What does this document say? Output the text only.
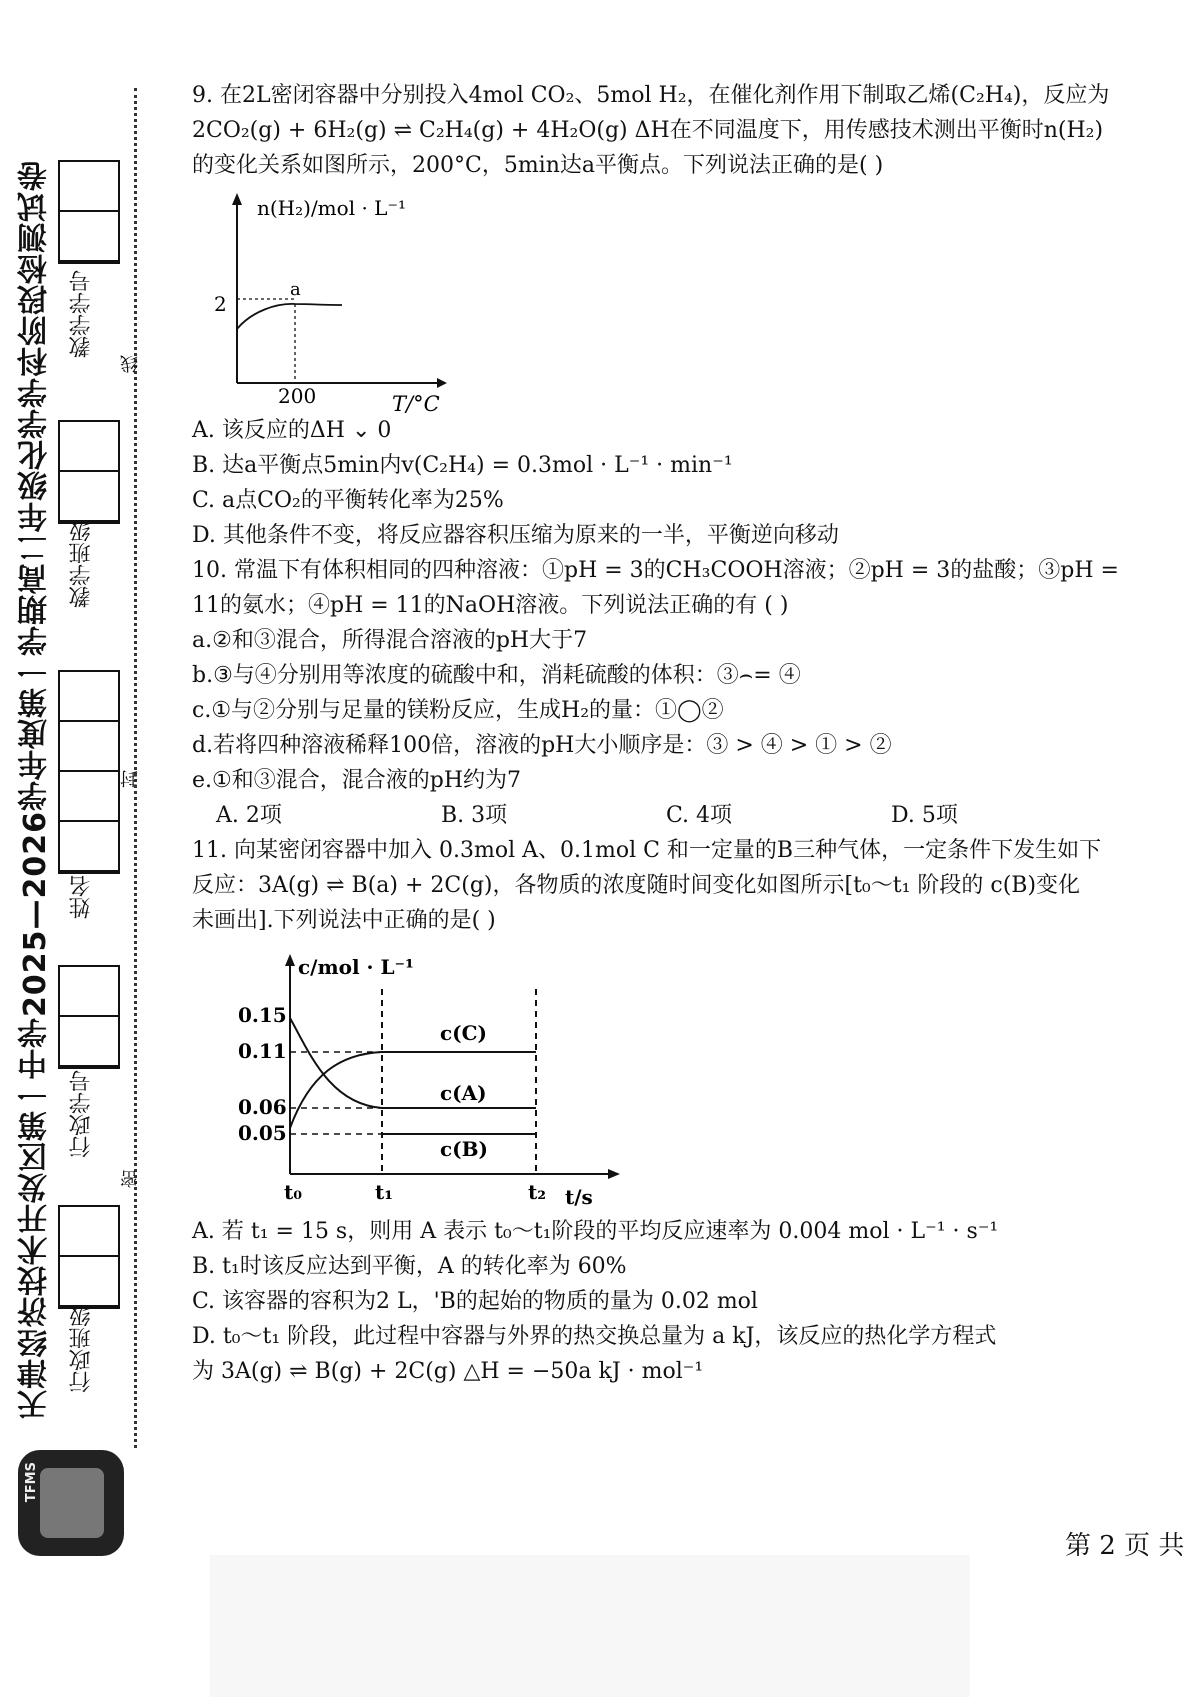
天津经济技术开发区第一中学2025—2026学年度第一学期高二年级化学学科阶段检测试卷 教学学号
教学班级
姓名
行政学号
行政班级
线
封
密
TFMS

9. 在2L密闭容器中分别投入4mol CO₂、5mol H₂，在催化剂作用下制取乙烯(C₂H₄)，反应为

2CO₂(g) + 6H₂(g) ⇌ C₂H₄(g) + 4H₂O(g) ΔH在不同温度下，用传感技术测出平衡时n(H₂)

的变化关系如图所示，200°C，5min达a平衡点。下列说法正确的是( )

n(H₂)/mol · L⁻¹
T/°C
2
200
a

A. 该反应的ΔH ⌄ 0

B. 达a平衡点5min内v(C₂H₄) = 0.3mol · L⁻¹ · min⁻¹

C. a点CO₂的平衡转化率为25%

D. 其他条件不变，将反应器容积压缩为原来的一半，平衡逆向移动

10. 常温下有体积相同的四种溶液：①pH = 3的CH₃COOH溶液；②pH = 3的盐酸；③pH =

11的氨水；④pH = 11的NaOH溶液。下列说法正确的有 ( )

a.②和③混合，所得混合溶液的pH大于7

b.③与④分别用等浓度的硫酸中和，消耗硫酸的体积：③⌢= ④

c.①与②分别与足量的镁粉反应，生成H₂的量：①◯②

d.若将四种溶液稀释100倍，溶液的pH大小顺序是：③ > ④ > ① > ②

e.①和③混合，混合液的pH约为7

A. 2项	B. 3项	C. 4项	D. 5项

11. 向某密闭容器中加入 0.3mol A、0.1mol C 和一定量的B三种气体，一定条件下发生如下

反应：3A(g) ⇌ B(a) + 2C(g)，各物质的浓度随时间变化如图所示[t₀～t₁ 阶段的 c(B)变化

未画出].下列说法中正确的是( )

c/mol · L⁻¹
t/s
0.15
0.11
0.06
0.05
t₀	t₁	t₂
c(C)
c(A)
c(B)

A. 若 t₁ = 15 s，则用 A 表示 t₀～t₁阶段的平均反应速率为 0.004 mol · L⁻¹ · s⁻¹

B. t₁时该反应达到平衡，A 的转化率为 60%

C. 该容器的容积为2 L，'B的起始的物质的量为 0.02 mol

D. t₀～t₁ 阶段，此过程中容器与外界的热交换总量为 a kJ，该反应的热化学方程式

为 3A(g) ⇌ B(g) + 2C(g) △H = −50a kJ · mol⁻¹

第 2 页 共
